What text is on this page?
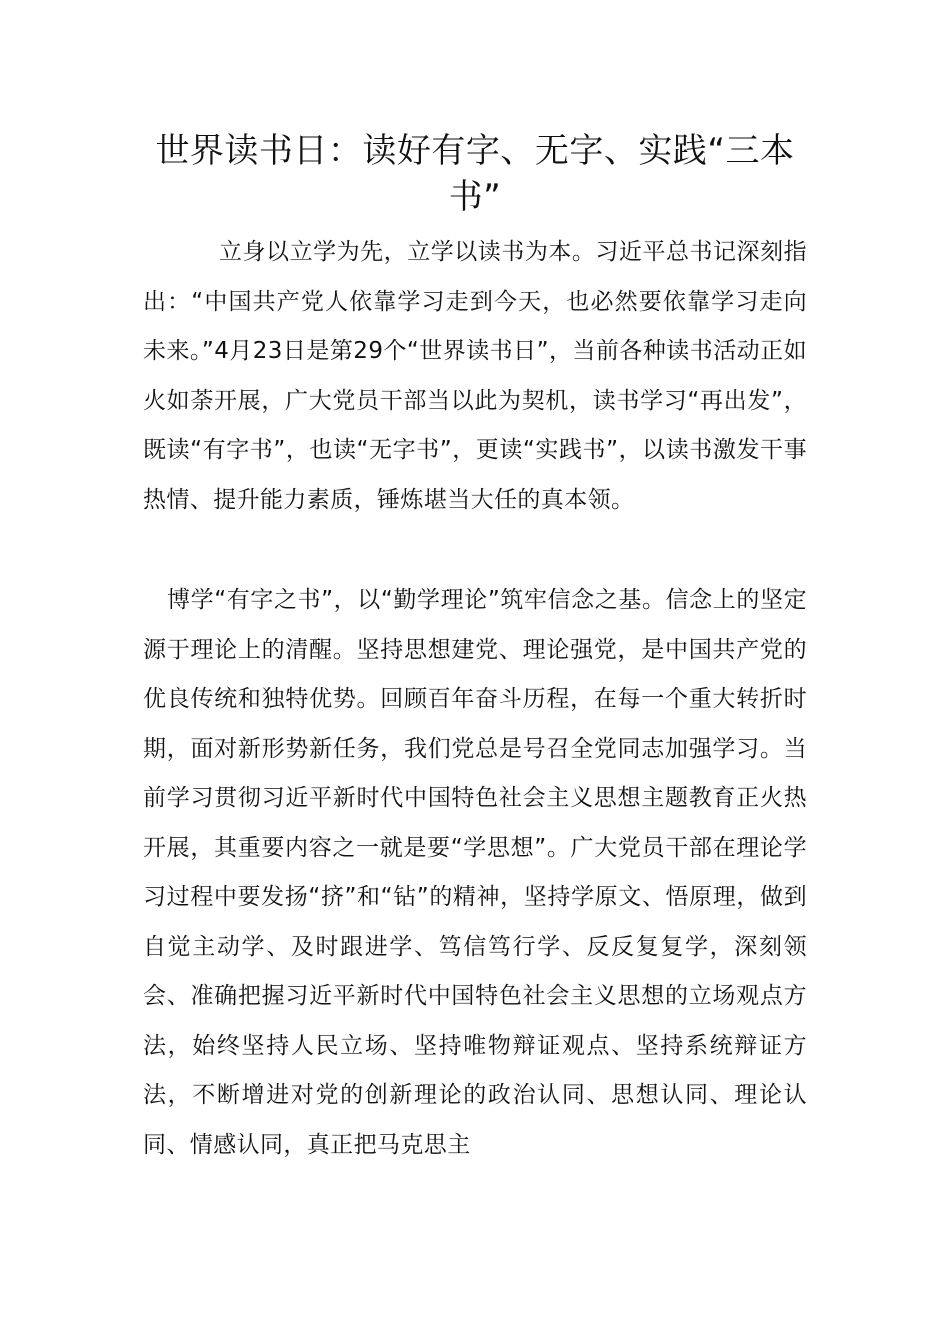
世界读书日：读好有字、无字、实践“三本书”

立身以立学为先，立学以读书为本。习近平总书记深刻指出：“中国共产党人依靠学习走到今天，也必然要依靠学习走向未来。”4月23日是第29个“世界读书日”，当前各种读书活动正如火如荼开展，广大党员干部当以此为契机，读书学习“再出发”，既读“有字书”，也读“无字书”，更读“实践书”，以读书激发干事热情、提升能力素质，锤炼堪当大任的真本领。

博学“有字之书”，以“勤学理论”筑牢信念之基。信念上的坚定源于理论上的清醒。坚持思想建党、理论强党，是中国共产党的优良传统和独特优势。回顾百年奋斗历程，在每一个重大转折时期，面对新形势新任务，我们党总是号召全党同志加强学习。当前学习贯彻习近平新时代中国特色社会主义思想主题教育正火热开展，其重要内容之一就是要“学思想”。广大党员干部在理论学习过程中要发扬“挤”和“钻”的精神，坚持学原文、悟原理，做到自觉主动学、及时跟进学、笃信笃行学、反反复复学，深刻领会、准确把握习近平新时代中国特色社会主义思想的立场观点方法，始终坚持人民立场、坚持唯物辩证观点、坚持系统辩证方法，不断增进对党的创新理论的政治认同、思想认同、理论认同、情感认同，真正把马克思主
